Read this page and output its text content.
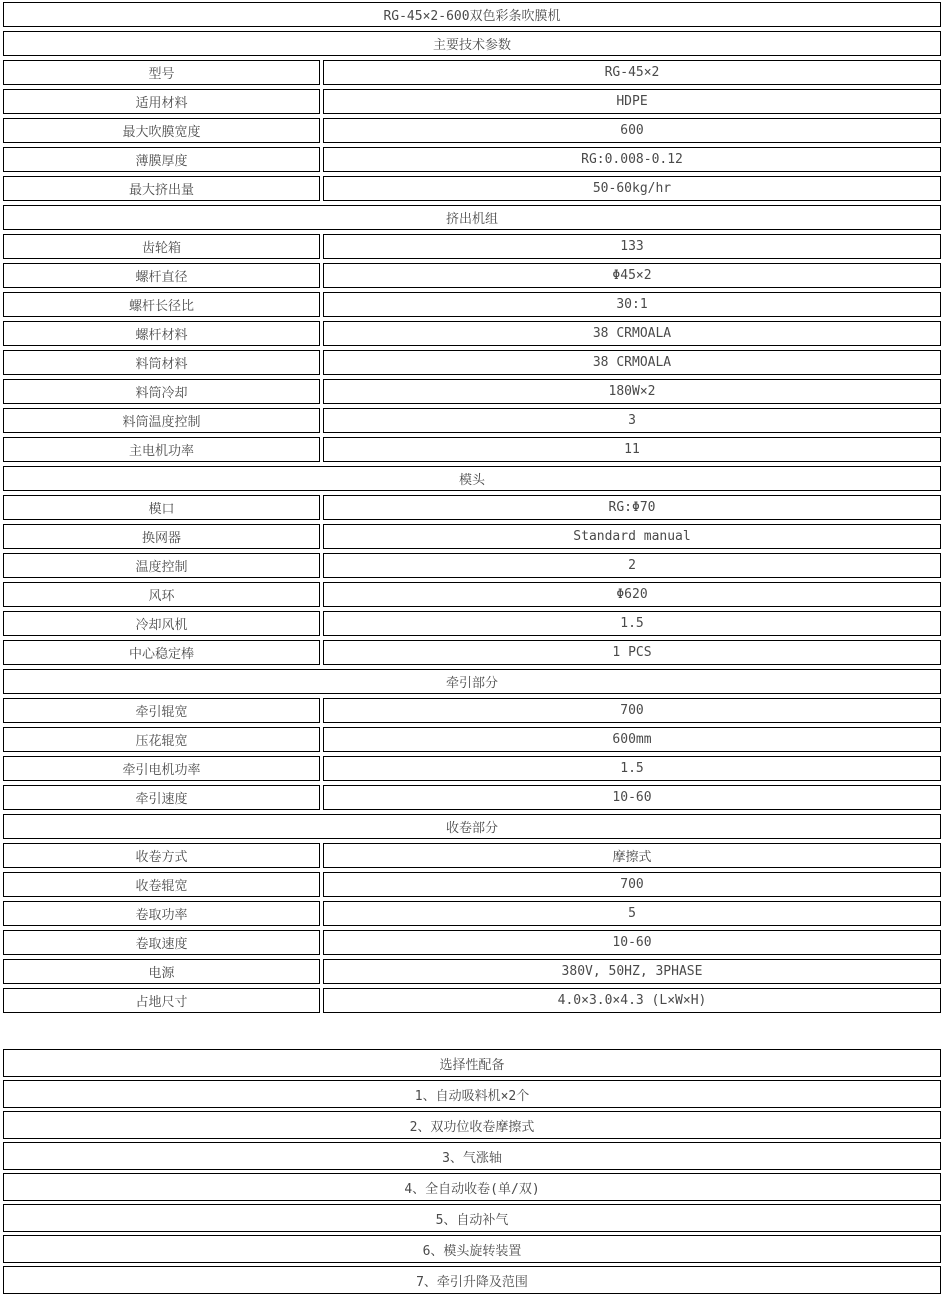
RG-45×2-600双色彩条吹膜机	
主要技术参数	
型号	RG-45×2
适用材料	HDPE
最大吹膜宽度	600
薄膜厚度	RG:0.008-0.12
最大挤出量	50-60kg/hr
挤出机组	
齿轮箱	133
螺杆直径	Φ45×2
螺杆长径比	30:1
螺杆材料	38 CRMOALA
料筒材料	38 CRMOALA
料筒冷却	180W×2
料筒温度控制	3
主电机功率	11
模头	
模口	RG:Φ70
换网器	Standard manual
温度控制	2
风环	Φ620
冷却风机	1.5
中心稳定棒	1 PCS
牵引部分	
牵引辊宽	700
压花辊宽	600mm
牵引电机功率	1.5
牵引速度	10-60
收卷部分	
收卷方式	摩擦式
收卷辊宽	700
卷取功率	5
卷取速度	10-60
电源	380V, 50HZ, 3PHASE
占地尺寸	4.0×3.0×4.3 (L×W×H)
选择性配备
1、自动吸料机×2个
2、双功位收卷摩擦式
3、气涨轴
4、全自动收卷(单/双)
5、自动补气
6、模头旋转装置
7、牵引升降及范围
